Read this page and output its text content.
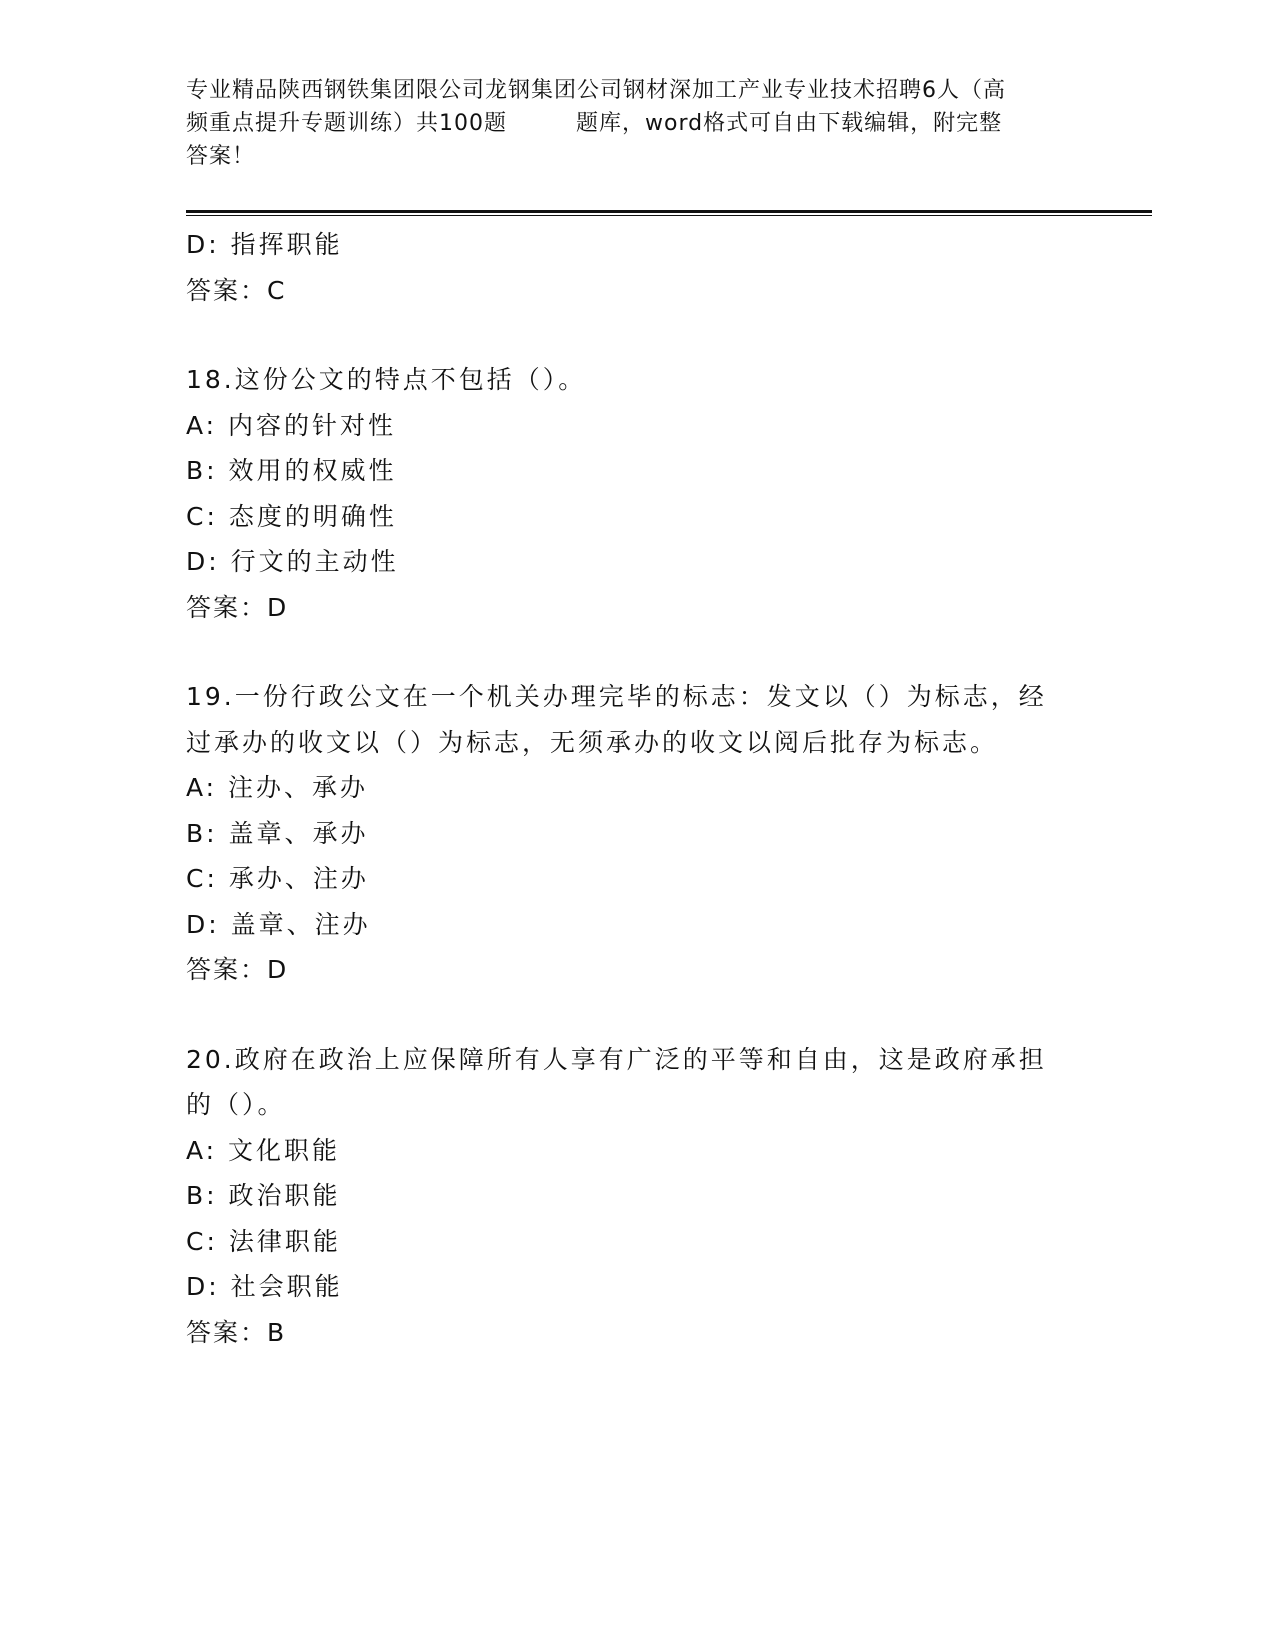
专业精品陕西钢铁集团限公司龙钢集团公司钢材深加工产业专业技术招聘6人（高
频重点提升专题训练）共100题　　　题库，word格式可自由下载编辑，附完整
答案！
D: 指挥职能
答案：C
18.这份公文的特点不包括（）。
A: 内容的针对性
B: 效用的权威性
C: 态度的明确性
D: 行文的主动性
答案：D
19.一份行政公文在一个机关办理完毕的标志：发文以（）为标志，经
过承办的收文以（）为标志，无须承办的收文以阅后批存为标志。
A: 注办、承办
B: 盖章、承办
C: 承办、注办
D: 盖章、注办
答案：D
20.政府在政治上应保障所有人享有广泛的平等和自由，这是政府承担
的（）。
A: 文化职能
B: 政治职能
C: 法律职能
D: 社会职能
答案：B
